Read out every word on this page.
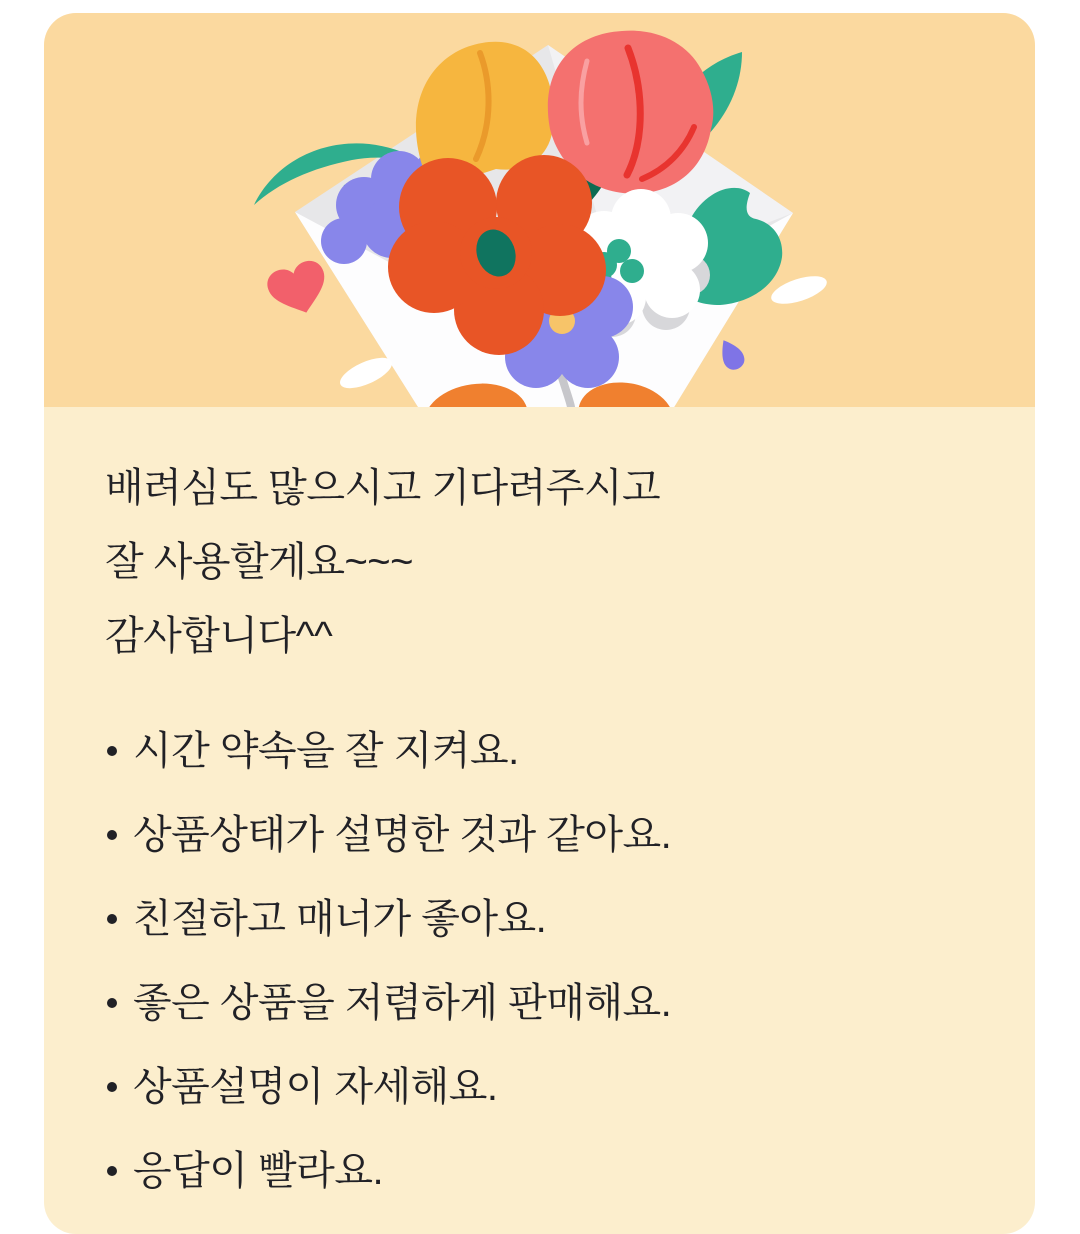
배려심도 많으시고 기다려주시고

잘 사용할게요~~~

감사합니다^^

시간 약속을 잘 지켜요.
상품상태가 설명한 것과 같아요.
친절하고 매너가 좋아요.
좋은 상품을 저렴하게 판매해요.
상품설명이 자세해요.
응답이 빨라요.
